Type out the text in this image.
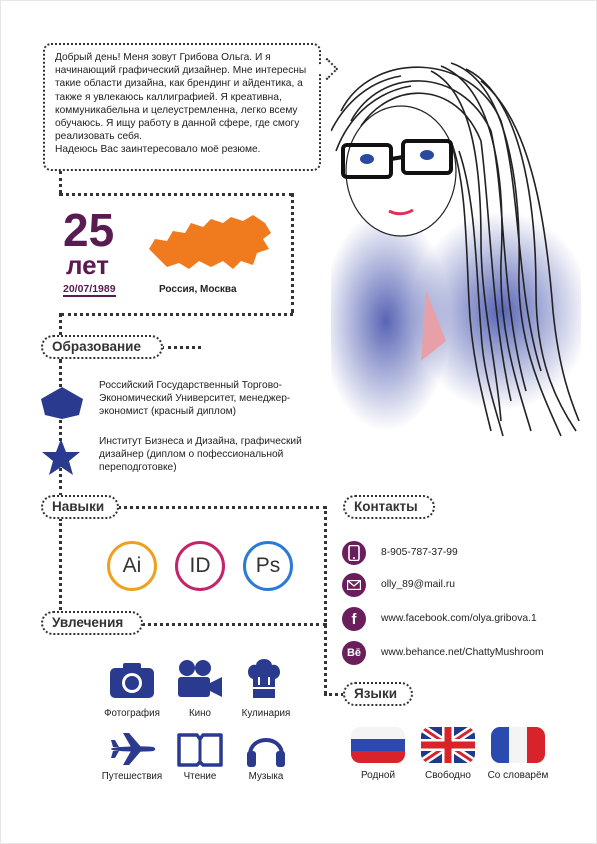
Добрый день! Меня зовут Грибова Ольга. И я начинающий графический дизайнер. Мне интересны такие области дизайна, как брендинг и айдентика, а также я увлекаюсь каллиграфией. Я креативна, коммуникабельна и целеустремленна, легко всему обучаюсь. Я ищу работу в данной сфере, где смогу реализовать себя.
Надеюсь Вас заинтересовало моё резюме.
25
лет
20/07/1989	Россия, Москва
Образование
Российский Государственный Торгово-Экономический Университет, менеджер-экономист (красный диплом)
Институт Бизнеса и Дизайна, графический дизайнер (диплом о пофессиональной переподготовке)
Навыки
Ai	ID	Ps
Увлечения
Фотография	Кино	Кулинария
Путешествия	Чтение	Музыка
Контакты
8-905-787-37-99
olly_89@mail.ru
f	www.facebook.com/olya.gribova.1
Bē	www.behance.net/ChattyMushroom
Языки
Родной	Свободно	Со словарём
